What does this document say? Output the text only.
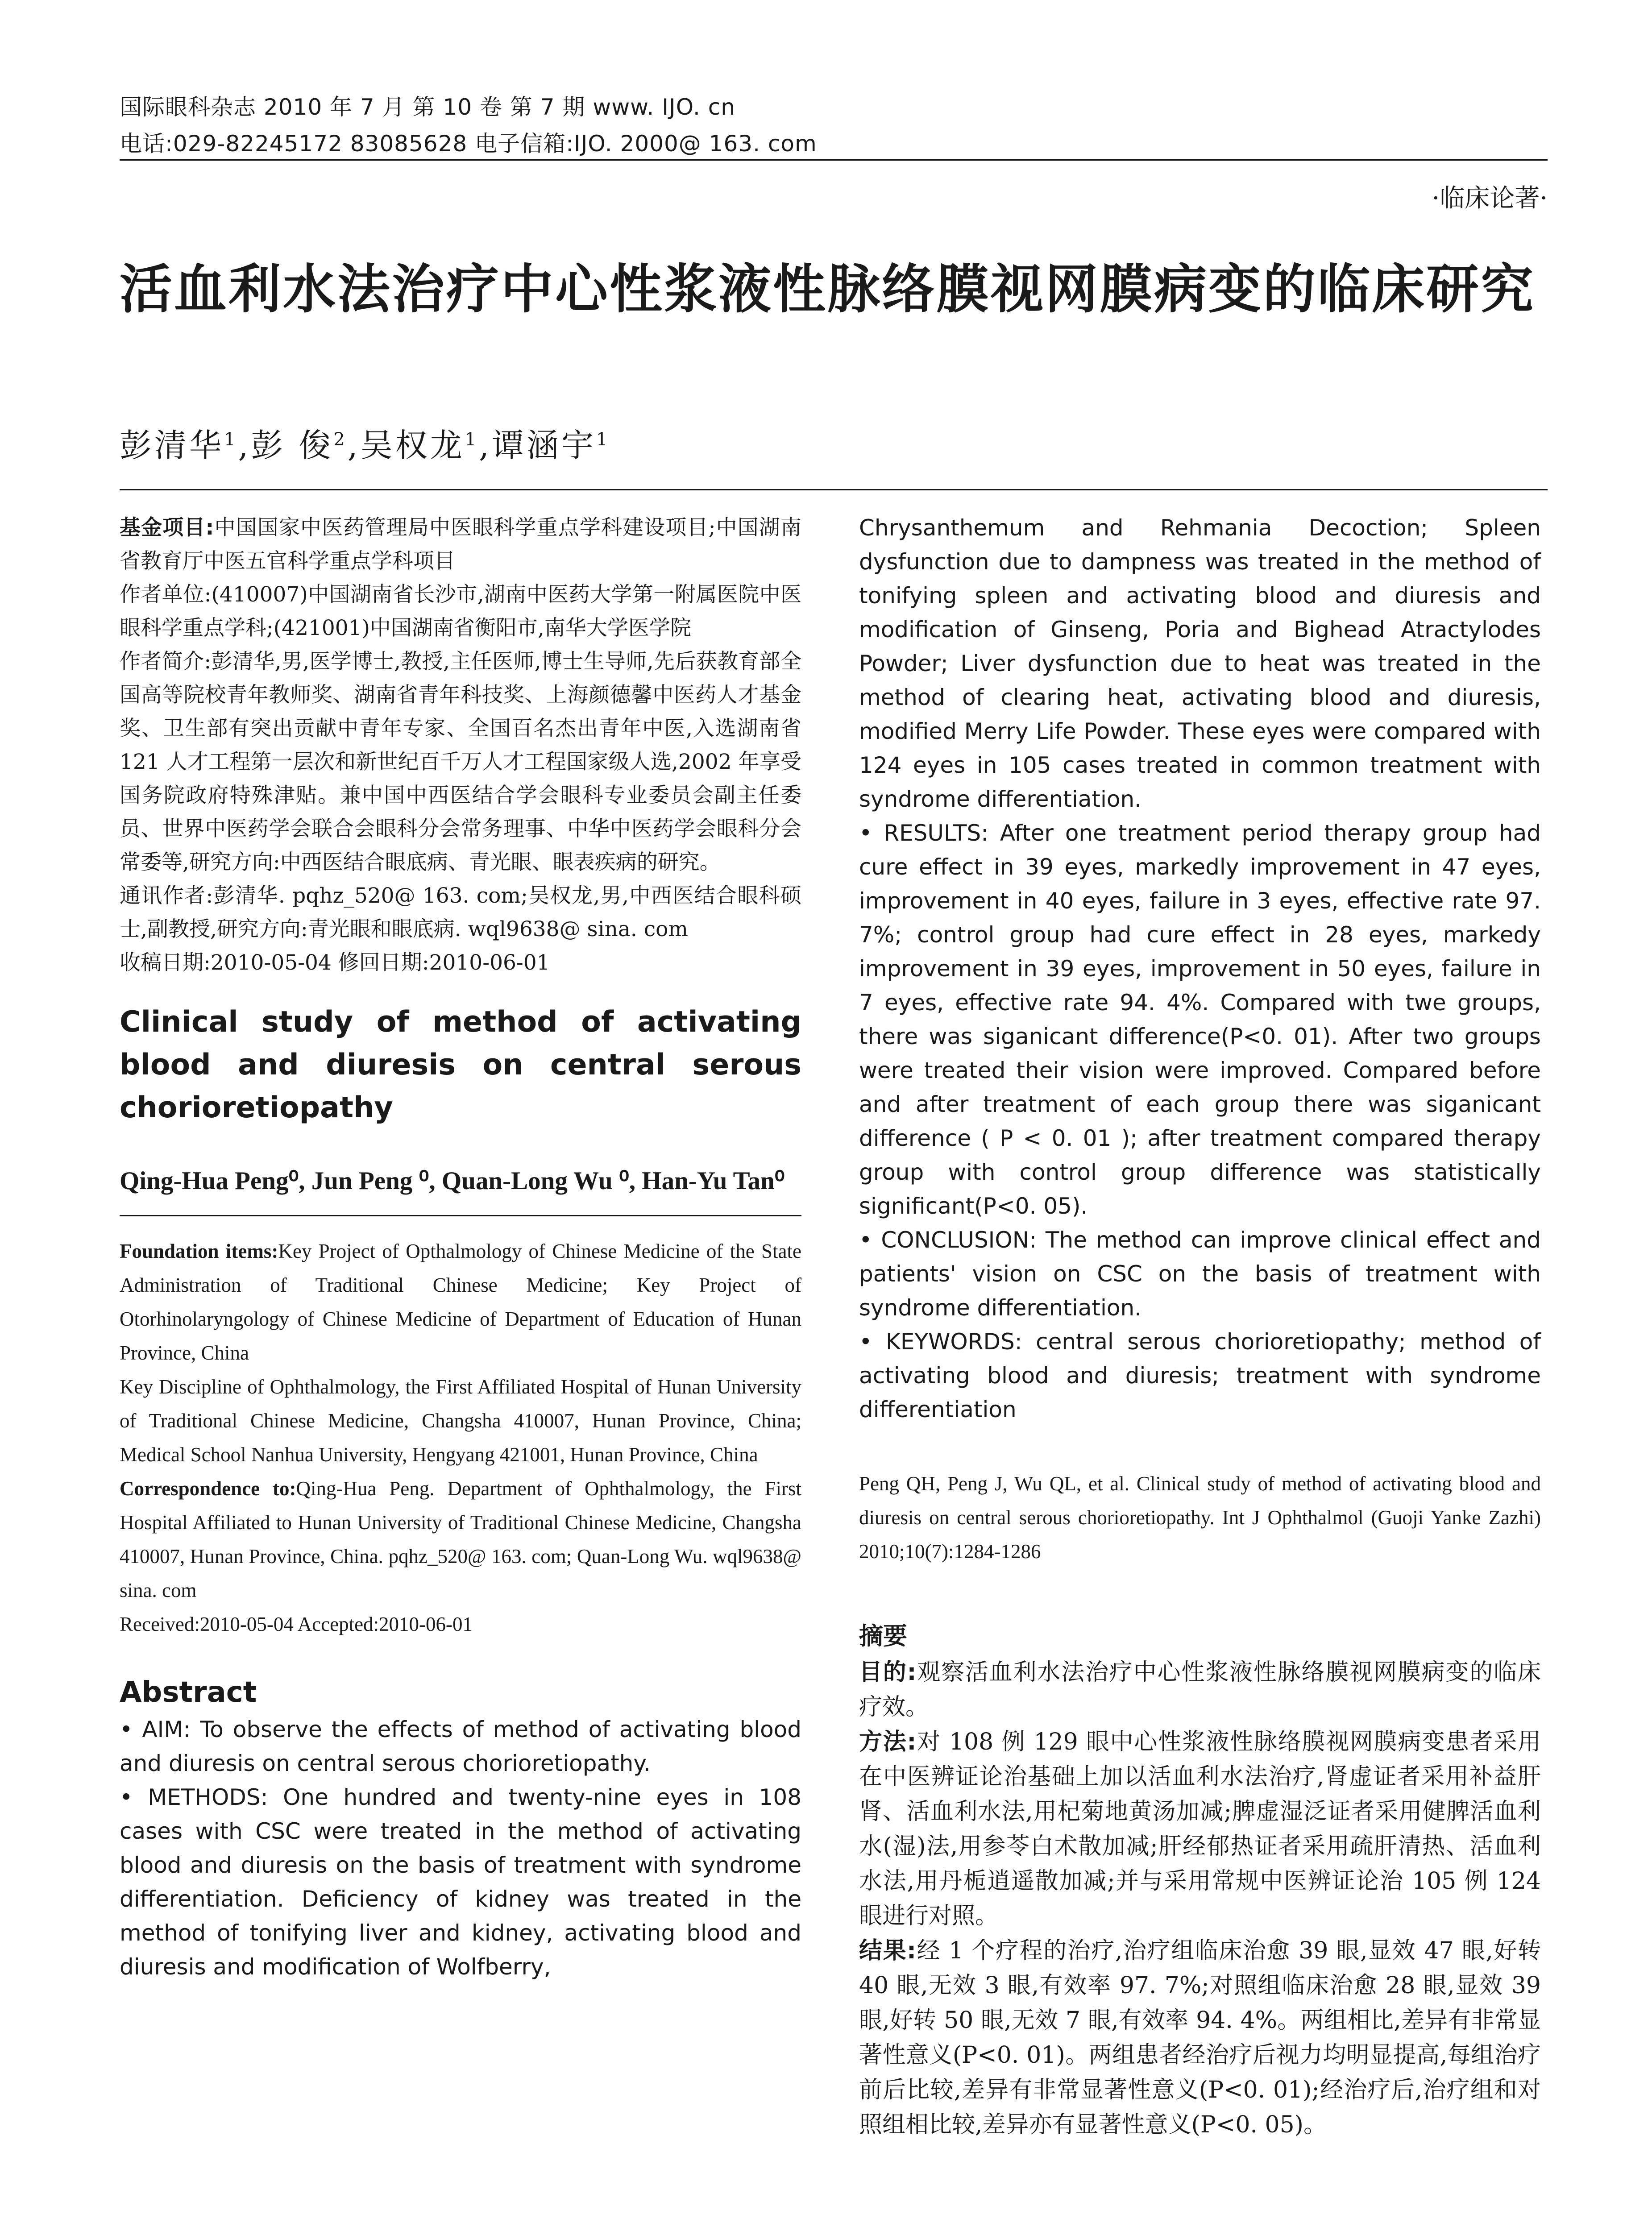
国际眼科杂志 2010 年 7 月 第 10 卷 第 7 期 www. IJO. cn
电话:029-82245172 83085628 电子信箱:IJO. 2000@ 163. com
·临床论著·
活血利水法治疗中心性浆液性脉络膜视网膜病变的临床研究
彭清华$^1$,彭 俊$^2$,吴权龙$^1$,谭涵宇$^1$

基金项目:中国国家中医药管理局中医眼科学重点学科建设项目;中国湖南省教育厅中医五官科学重点学科项目

作者单位:(410007)中国湖南省长沙市,湖南中医药大学第一附属医院中医眼科学重点学科;(421001)中国湖南省衡阳市,南华大学医学院

作者简介:彭清华,男,医学博士,教授,主任医师,博士生导师,先后获教育部全国高等院校青年教师奖、湖南省青年科技奖、上海颜德馨中医药人才基金奖、卫生部有突出贡献中青年专家、全国百名杰出青年中医,入选湖南省 121 人才工程第一层次和新世纪百千万人才工程国家级人选,2002 年享受国务院政府特殊津贴。兼中国中西医结合学会眼科专业委员会副主任委员、世界中医药学会联合会眼科分会常务理事、中华中医药学会眼科分会常委等,研究方向:中西医结合眼底病、青光眼、眼表疾病的研究。

通讯作者:彭清华. pqhz_520@ 163. com;吴权龙,男,中西医结合眼科硕士,副教授,研究方向:青光眼和眼底病. wql9638@ sina. com

收稿日期:2010-05-04 修回日期:2010-06-01

Clinical study of method of activating blood and diuresis on central serous chorioretiopathy
Qing-Hua Peng⁰, Jun Peng ⁰, Quan-Long Wu ⁰, Han-Yu Tan⁰

Foundation items:Key Project of Opthalmology of Chinese Medicine of the State Administration of Traditional Chinese Medicine; Key Project of Otorhinolaryngology of Chinese Medicine of Department of Education of Hunan Province, China

Key Discipline of Ophthalmology, the First Affiliated Hospital of Hunan University of Traditional Chinese Medicine, Changsha 410007, Hunan Province, China; Medical School Nanhua University, Hengyang 421001, Hunan Province, China

Correspondence to:Qing-Hua Peng. Department of Ophthalmology, the First Hospital Affiliated to Hunan University of Traditional Chinese Medicine, Changsha 410007, Hunan Province, China. pqhz_520@ 163. com; Quan-Long Wu. wql9638@ sina. com

Received:2010-05-04 Accepted:2010-06-01

Abstract

• AIM: To observe the effects of method of activating blood and diuresis on central serous chorioretiopathy.

• METHODS: One hundred and twenty-nine eyes in 108 cases with CSC were treated in the method of activating blood and diuresis on the basis of treatment with syndrome differentiation. Deficiency of kidney was treated in the method of tonifying liver and kidney, activating blood and diuresis and modification of Wolfberry,

Chrysanthemum and Rehmania Decoction; Spleen dysfunction due to dampness was treated in the method of tonifying spleen and activating blood and diuresis and modification of Ginseng, Poria and Bighead Atractylodes Powder; Liver dysfunction due to heat was treated in the method of clearing heat, activating blood and diuresis, modified Merry Life Powder. These eyes were compared with 124 eyes in 105 cases treated in common treatment with syndrome differentiation.

• RESULTS: After one treatment period therapy group had cure effect in 39 eyes, markedly improvement in 47 eyes, improvement in 40 eyes, failure in 3 eyes, effective rate 97. 7%; control group had cure effect in 28 eyes, markedy improvement in 39 eyes, improvement in 50 eyes, failure in 7 eyes, effective rate 94. 4%. Compared with twe groups, there was siganicant difference(P<0. 01). After two groups were treated their vision were improved. Compared before and after treatment of each group there was siganicant difference ( P < 0. 01 ); after treatment compared therapy group with control group difference was statistically significant(P<0. 05).

• CONCLUSION: The method can improve clinical effect and patients' vision on CSC on the basis of treatment with syndrome differentiation.

• KEYWORDS: central serous chorioretiopathy; method of activating blood and diuresis; treatment with syndrome differentiation

Peng QH, Peng J, Wu QL, et al. Clinical study of method of activating blood and diuresis on central serous chorioretiopathy. Int J Ophthalmol (Guoji Yanke Zazhi) 2010;10(7):1284-1286
摘要

目的:观察活血利水法治疗中心性浆液性脉络膜视网膜病变的临床疗效。

方法:对 108 例 129 眼中心性浆液性脉络膜视网膜病变患者采用在中医辨证论治基础上加以活血利水法治疗,肾虚证者采用补益肝肾、活血利水法,用杞菊地黄汤加减;脾虚湿泛证者采用健脾活血利水(湿)法,用参苓白术散加减;肝经郁热证者采用疏肝清热、活血利水法,用丹栀逍遥散加减;并与采用常规中医辨证论治 105 例 124 眼进行对照。

结果:经 1 个疗程的治疗,治疗组临床治愈 39 眼,显效 47 眼,好转 40 眼,无效 3 眼,有效率 97. 7%;对照组临床治愈 28 眼,显效 39 眼,好转 50 眼,无效 7 眼,有效率 94. 4%。两组相比,差异有非常显著性意义(P<0. 01)。两组患者经治疗后视力均明显提高,每组治疗前后比较,差异有非常显著性意义(P<0. 01);经治疗后,治疗组和对照组相比较,差异亦有显著性意义(P<0. 05)。
